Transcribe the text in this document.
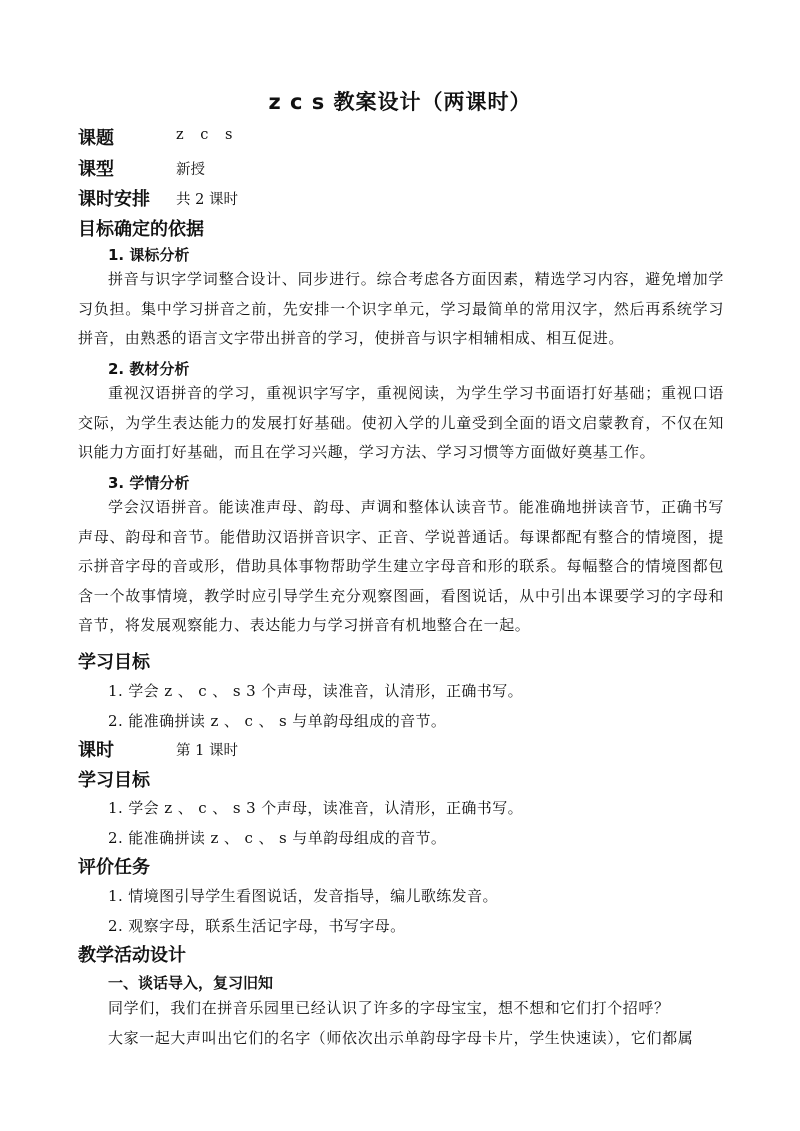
z c s 教案设计（两课时）
课题	z c s
课型	新授
课时安排 共 2 课时
目标确定的依据
1. 课标分析
拼音与识字学词整合设计、同步进行。综合考虑各方面因素，精选学习内容，避免增加学习负担。集中学习拼音之前，先安排一个识字单元，学习最简单的常用汉字，然后再系统学习拼音，由熟悉的语言文字带出拼音的学习，使拼音与识字相辅相成、相互促进。
2. 教材分析
重视汉语拼音的学习，重视识字写字，重视阅读，为学生学习书面语打好基础；重视口语交际，为学生表达能力的发展打好基础。使初入学的儿童受到全面的语文启蒙教育，不仅在知识能力方面打好基础，而且在学习兴趣，学习方法、学习习惯等方面做好奠基工作。
3. 学情分析
学会汉语拼音。能读准声母、韵母、声调和整体认读音节。能准确地拼读音节，正确书写声母、韵母和音节。能借助汉语拼音识字、正音、学说普通话。每课都配有整合的情境图，提示拼音字母的音或形，借助具体事物帮助学生建立字母音和形的联系。每幅整合的情境图都包含一个故事情境，教学时应引导学生充分观察图画，看图说话，从中引出本课要学习的字母和音节，将发展观察能力、表达能力与学习拼音有机地整合在一起。
学习目标
1. 学会 z 、 c 、 s 3 个声母，读准音，认清形，正确书写。
2. 能准确拼读 z 、 c 、 s 与单韵母组成的音节。
课时	第 1 课时
学习目标
1. 学会 z 、 c 、 s 3 个声母，读准音，认清形，正确书写。
2. 能准确拼读 z 、 c 、 s 与单韵母组成的音节。
评价任务
1. 情境图引导学生看图说话，发音指导，编儿歌练发音。
2. 观察字母，联系生活记字母，书写字母。
教学活动设计
一、谈话导入，复习旧知
同学们，我们在拼音乐园里已经认识了许多的字母宝宝，想不想和它们打个招呼？
大家一起大声叫出它们的名字（师依次出示单韵母字母卡片，学生快速读），它们都属
